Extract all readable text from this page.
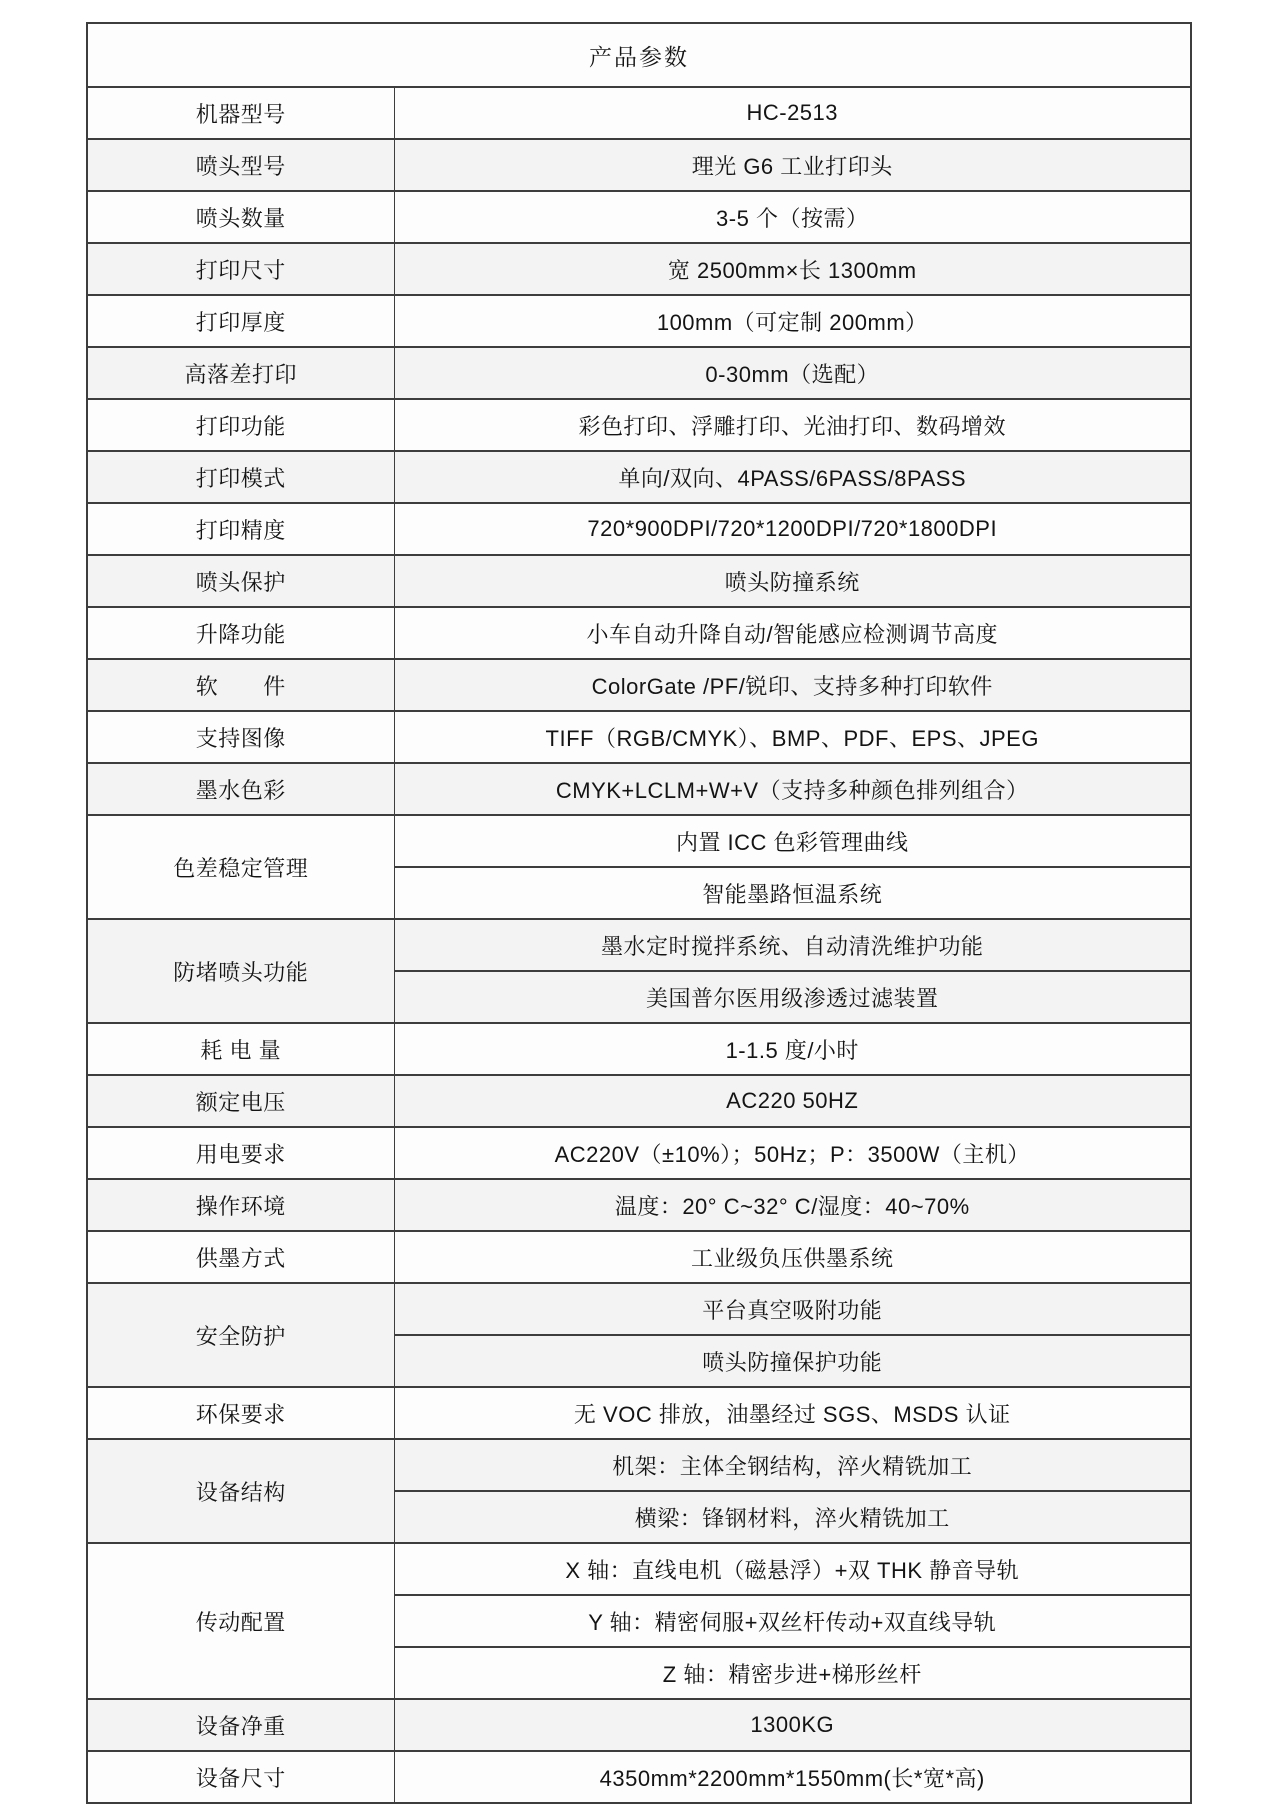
产品参数	
机器型号	HC-2513
喷头型号	理光 G6 工业打印头
喷头数量	3-5 个（按需）
打印尺寸	宽 2500mm×长 1300mm
打印厚度	100mm（可定制 200mm）
高落差打印	0-30mm（选配）
打印功能	彩色打印、浮雕打印、光油打印、数码增效
打印模式	单向/双向、4PASS/6PASS/8PASS
打印精度	720*900DPI/720*1200DPI/720*1800DPI
喷头保护	喷头防撞系统
升降功能	小车自动升降自动/智能感应检测调节高度
软　　件	ColorGate /PF/锐印、支持多种打印软件
支持图像	TIFF（RGB/CMYK）、BMP、PDF、EPS、JPEG
墨水色彩	CMYK+LCLM+W+V（支持多种颜色排列组合）
色差稳定管理	内置 ICC 色彩管理曲线
	智能墨路恒温系统
防堵喷头功能	墨水定时搅拌系统、自动清洗维护功能
	美国普尔医用级渗透过滤装置
耗 电 量	1-1.5 度/小时
额定电压	AC220 50HZ
用电要求	AC220V（±10%）；50Hz；P：3500W（主机）
操作环境	温度：20° C~32° C/湿度：40~70%
供墨方式	工业级负压供墨系统
安全防护	平台真空吸附功能
	喷头防撞保护功能
环保要求	无 VOC 排放，油墨经过 SGS、MSDS 认证
设备结构	机架：主体全钢结构，淬火精铣加工
	横梁：锋钢材料，淬火精铣加工
传动配置	X 轴：直线电机（磁悬浮）+双 THK 静音导轨
	Y 轴：精密伺服+双丝杆传动+双直线导轨
	Z 轴：精密步进+梯形丝杆
设备净重	1300KG
设备尺寸	4350mm*2200mm*1550mm(长*宽*高)
